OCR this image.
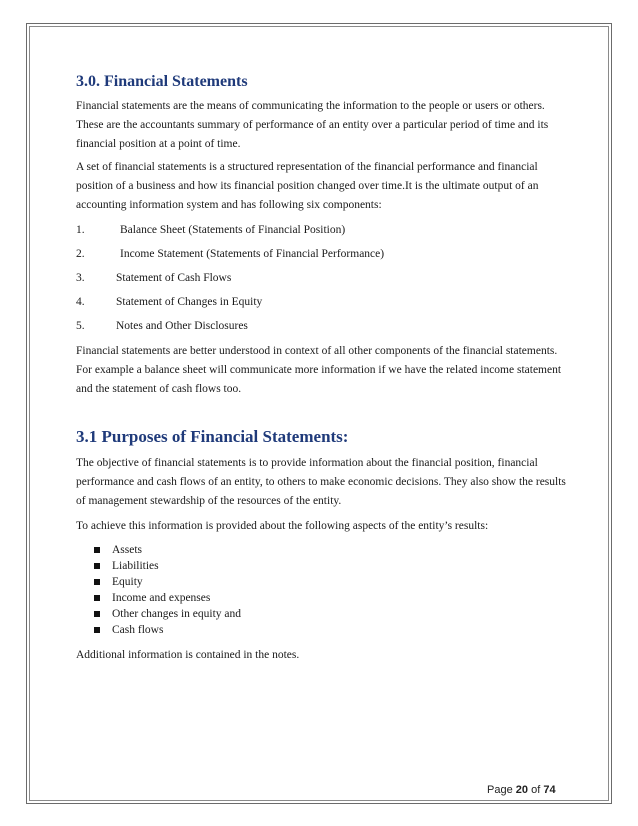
3.0. Financial Statements

Financial statements are the means of communicating the information to the people or users or others. These are the accountants summary of performance of an entity over a particular period of time and its financial position at a point of time.

A set of financial statements is a structured representation of the financial performance and financial position of a business and how its financial position changed over time.It is the ultimate output of an accounting information system and has following six components:

1.	Balance Sheet (Statements of Financial Position)
2.	Income Statement (Statements of Financial Performance)
3.	Statement of Cash Flows
4.	Statement of Changes in Equity
5.	Notes and Other Disclosures

Financial statements are better understood in context of all other components of the financial statements. For example a balance sheet will communicate more information if we have the related income statement and the statement of cash flows too.

3.1 Purposes of Financial Statements:

The objective of financial statements is to provide information about the financial position, financial performance and cash flows of an entity, to others to make economic decisions. They also show the results of management stewardship of the resources of the entity.

To achieve this information is provided about the following aspects of the entity’s results:

Assets
Liabilities
Equity
Income and expenses
Other changes in equity and
Cash flows

Additional information is contained in the notes.

Page 20 of 74
